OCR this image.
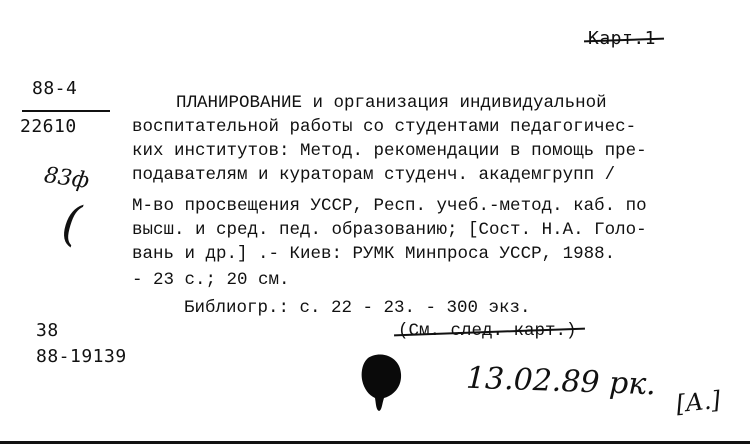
Карт.1
88-4
22610
83ф
(
ПЛАНИРОВАНИЕ и организация индивидуальной
воспитательной работы со студентами педагогичес-
ких институтов: Метод. рекомендации в помощь пре-
подавателям и кураторам студенч. академгрупп /
М-во просвещения УССР, Респ. учеб.-метод. каб. по
высш. и сред. пед. образованию; [Сост. Н.А. Голо-
вань и др.] .- Киев: РУМК Минпроса УССР, 1988.
- 23 с.; 20 см.
Библиогр.: с. 22 - 23. - 300 экз.
(См. след. карт.)
38
88-19139
13.02.89 рк. [А.]
